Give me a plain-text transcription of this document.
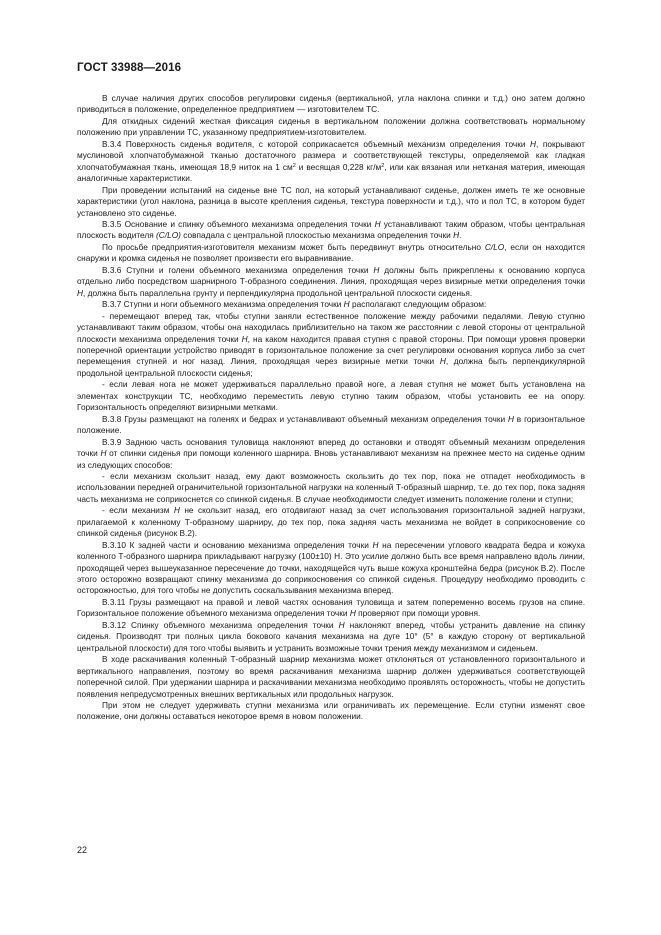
ГОСТ 33988—2016

В случае наличия других способов регулировки сиденья (вертикальной, угла наклона спинки и т.д.) оно затем должно приводиться в положение, определенное предприятием — изготовителем ТС.

Для откидных сидений жесткая фиксация сиденья в вертикальном положении должна соответствовать нормальному положению при управлении ТС, указанному предприятием-изготовителем.

В.3.4 Поверхность сиденья водителя, с которой соприкасается объемный механизм определения точки Н, покрывают муслиновой хлопчатобумажной тканью достаточного размера и соответствующей текстуры, определяемой как гладкая хлопчатобумажная ткань, имеющая 18,9 ниток на 1 $см^2$ и весящая 0,228 $кг/м^2$, или как вязаная или нетканая материя, имеющая аналогичные характеристики.

При проведении испытаний на сиденье вне ТС пол, на который устанавливают сиденье, должен иметь те же основные характеристики (угол наклона, разница в высоте крепления сиденья, текстура поверхности и т.д.), что и пол ТС, в котором будет установлено это сиденье.

В.3.5 Основание и спинку объемного механизма определения точки Н устанавливают таким образом, чтобы центральная плоскость водителя (C/LO) совпадала с центральной плоскостью механизма определения точки Н.

По просьбе предприятия-изготовителя механизм может быть передвинут внутрь относительно C/LO, если он находится снаружи и кромка сиденья не позволяет произвести его выравнивание.

В.3.6 Ступни и голени объемного механизма определения точки Н должны быть прикреплены к основанию корпуса отдельно либо посредством шарнирного Т-образного соединения. Линия, проходящая через визирные метки определения точки Н, должна быть параллельна грунту и перпендикулярна продольной центральной плоскости сиденья.

В.3.7 Ступни и ноги объемного механизма определения точки Н располагают следующим образом:

- перемещают вперед так, чтобы ступни заняли естественное положение между рабочими педалями. Левую ступню устанавливают таким образом, чтобы она находилась приблизительно на таком же расстоянии с левой стороны от центральной плоскости механизма определения точки Н, на каком находится правая ступня с правой стороны. При помощи уровня проверки поперечной ориентации устройство приводят в горизонтальное положение за счет регулировки основания корпуса либо за счет перемещения ступней и ног назад. Линия, проходящая через визирные метки точки Н, должна быть перпендикулярной продольной центральной плоскости сиденья;

- если левая нога не может удерживаться параллельно правой ноге, а левая ступня не может быть установлена на элементах конструкции ТС, необходимо переместить левую ступню таким образом, чтобы установить ее на опору. Горизонтальность определяют визирными метками.

В.3.8 Грузы размещают на голенях и бедрах и устанавливают объемный механизм определения точки Н в горизонтальное положение.

В.3.9 Заднюю часть основания туловища наклоняют вперед до остановки и отводят объемный механизм определения точки Н от спинки сиденья при помощи коленного шарнира. Вновь устанавливают механизм на прежнее место на сиденье одним из следующих способов:

- если механизм скользит назад, ему дают возможность скользить до тех пор, пока не отпадет необходимость в использовании передней ограничительной горизонтальной нагрузки на коленный Т-образный шарнир, т.е. до тех пор, пока задняя часть механизма не соприкоснется со спинкой сиденья. В случае необходимости следует изменить положение голени и ступни;

- если механизм Н не скользит назад, его отодвигают назад за счет использования горизонтальной задней нагрузки, прилагаемой к коленному Т-образному шарниру, до тех пор, пока задняя часть механизма не войдет в соприкосновение со спинкой сиденья (рисунок В.2).

В.3.10 К задней части и основанию механизма определения точки Н на пересечении углового квадрата бедра и кожуха коленного Т-образного шарнира прикладывают нагрузку (100±10) Н. Это усилие должно быть все время направлено вдоль линии, проходящей через вышеуказанное пересечение до точки, находящейся чуть выше кожуха кронштейна бедра (рисунок В.2). После этого осторожно возвращают спинку механизма до соприкосновения со спинкой сиденья. Процедуру необходимо проводить с осторожностью, для того чтобы не допустить соскальзывания механизма вперед.

В.3.11 Грузы размещают на правой и левой частях основания туловища и затем попеременно восемь грузов на спине. Горизонтальное положение объемного механизма определения точки Н проверяют при помощи уровня.

В.3.12 Спинку объемного механизма определения точки Н наклоняют вперед, чтобы устранить давление на спинку сиденья. Производят три полных цикла бокового качания механизма на дуге 10° (5° в каждую сторону от вертикальной центральной плоскости) для того чтобы выявить и устранить возможные точки трения между механизмом и сиденьем.

В ходе раскачивания коленный Т-образный шарнир механизма может отклоняться от установленного горизонтального и вертикального направления, поэтому во время раскачивания механизма шарнир должен удерживаться соответствующей поперечной силой. При удержании шарнира и раскачивании механизма необходимо проявлять осторожность, чтобы не допустить появления непредусмотренных внешних вертикальных или продольных нагрузок.

При этом не следует удерживать ступни механизма или ограничивать их перемещение. Если ступни изменят свое положение, они должны оставаться некоторое время в новом положении.

22
